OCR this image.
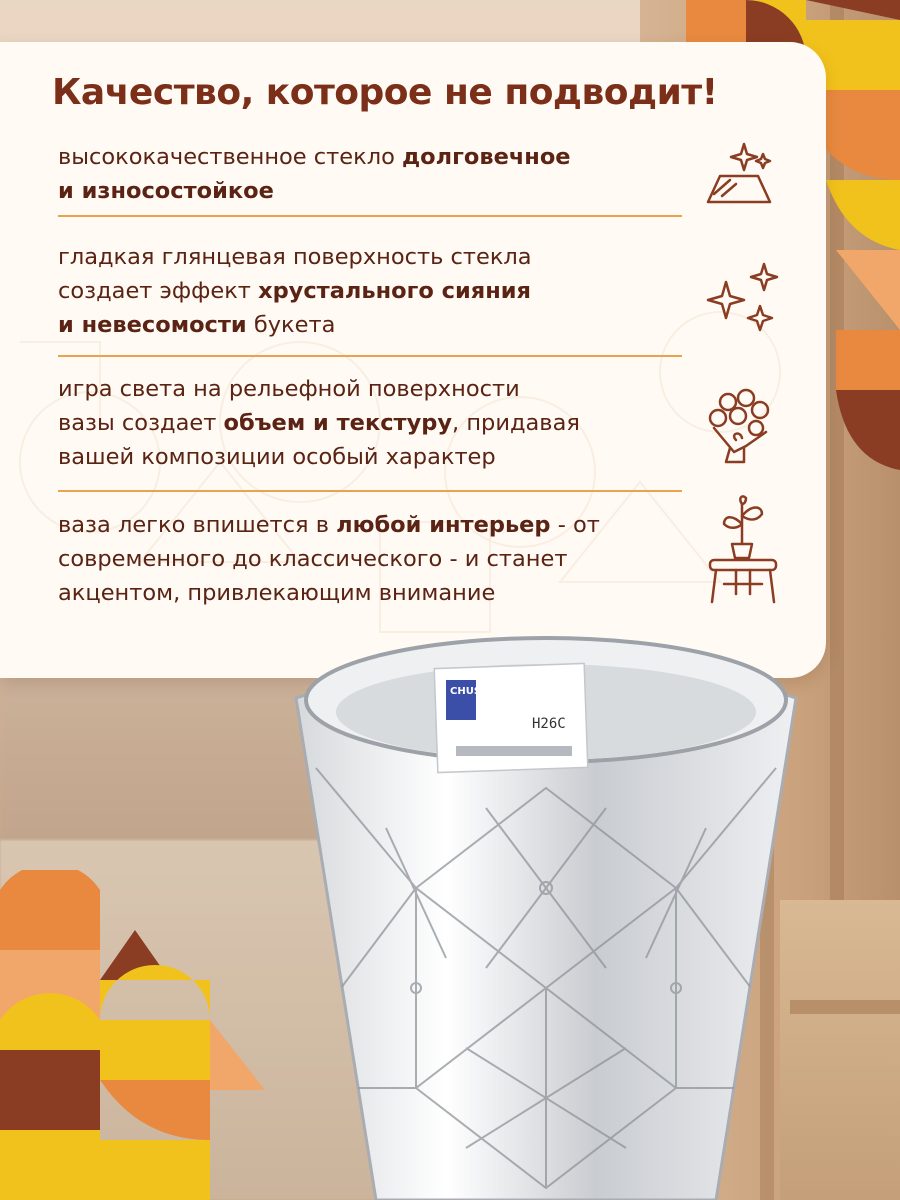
Качество, которое не подводит!
высококачественное стекло долговечное
и износостойкое
гладкая глянцевая поверхность стекла
создает эффект хрустального сияния
и невесомости букета
игра света на рельефной поверхности
вазы создает объем и текстуру, придавая
вашей композиции особый характер
ваза легко впишется в любой интерьер - от
современного до классического - и станет
акцентом, привлекающим внимание
CHUSEUVE
Н26С
